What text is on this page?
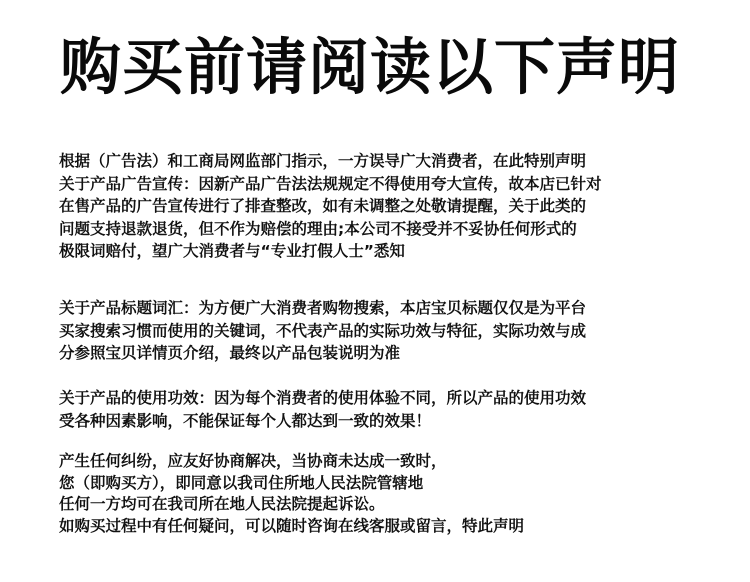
购买前请阅读以下声明
根据（广告法）和工商局网监部门指示，一方误导广大消费者，在此特别声明
关于产品广告宣传：因新产品广告法法规规定不得使用夸大宣传，故本店已针对
在售产品的广告宣传进行了排查整改，如有未调整之处敬请提醒，关于此类的
问题支持退款退货，但不作为赔偿的理由;本公司不接受并不妥协任何形式的
极限词赔付，望广大消费者与“专业打假人士”悉知
关于产品标题词汇：为方便广大消费者购物搜索，本店宝贝标题仅仅是为平台
买家搜索习惯而使用的关键词，不代表产品的实际功效与特征，实际功效与成
分参照宝贝详情页介绍，最终以产品包装说明为准
关于产品的使用功效：因为每个消费者的使用体验不同，所以产品的使用功效
受各种因素影响，不能保证每个人都达到一致的效果！
产生任何纠纷，应友好协商解决，当协商未达成一致时，
您（即购买方），即同意以我司住所地人民法院管辖地
任何一方均可在我司所在地人民法院提起诉讼。
如购买过程中有任何疑问，可以随时咨询在线客服或留言，特此声明
